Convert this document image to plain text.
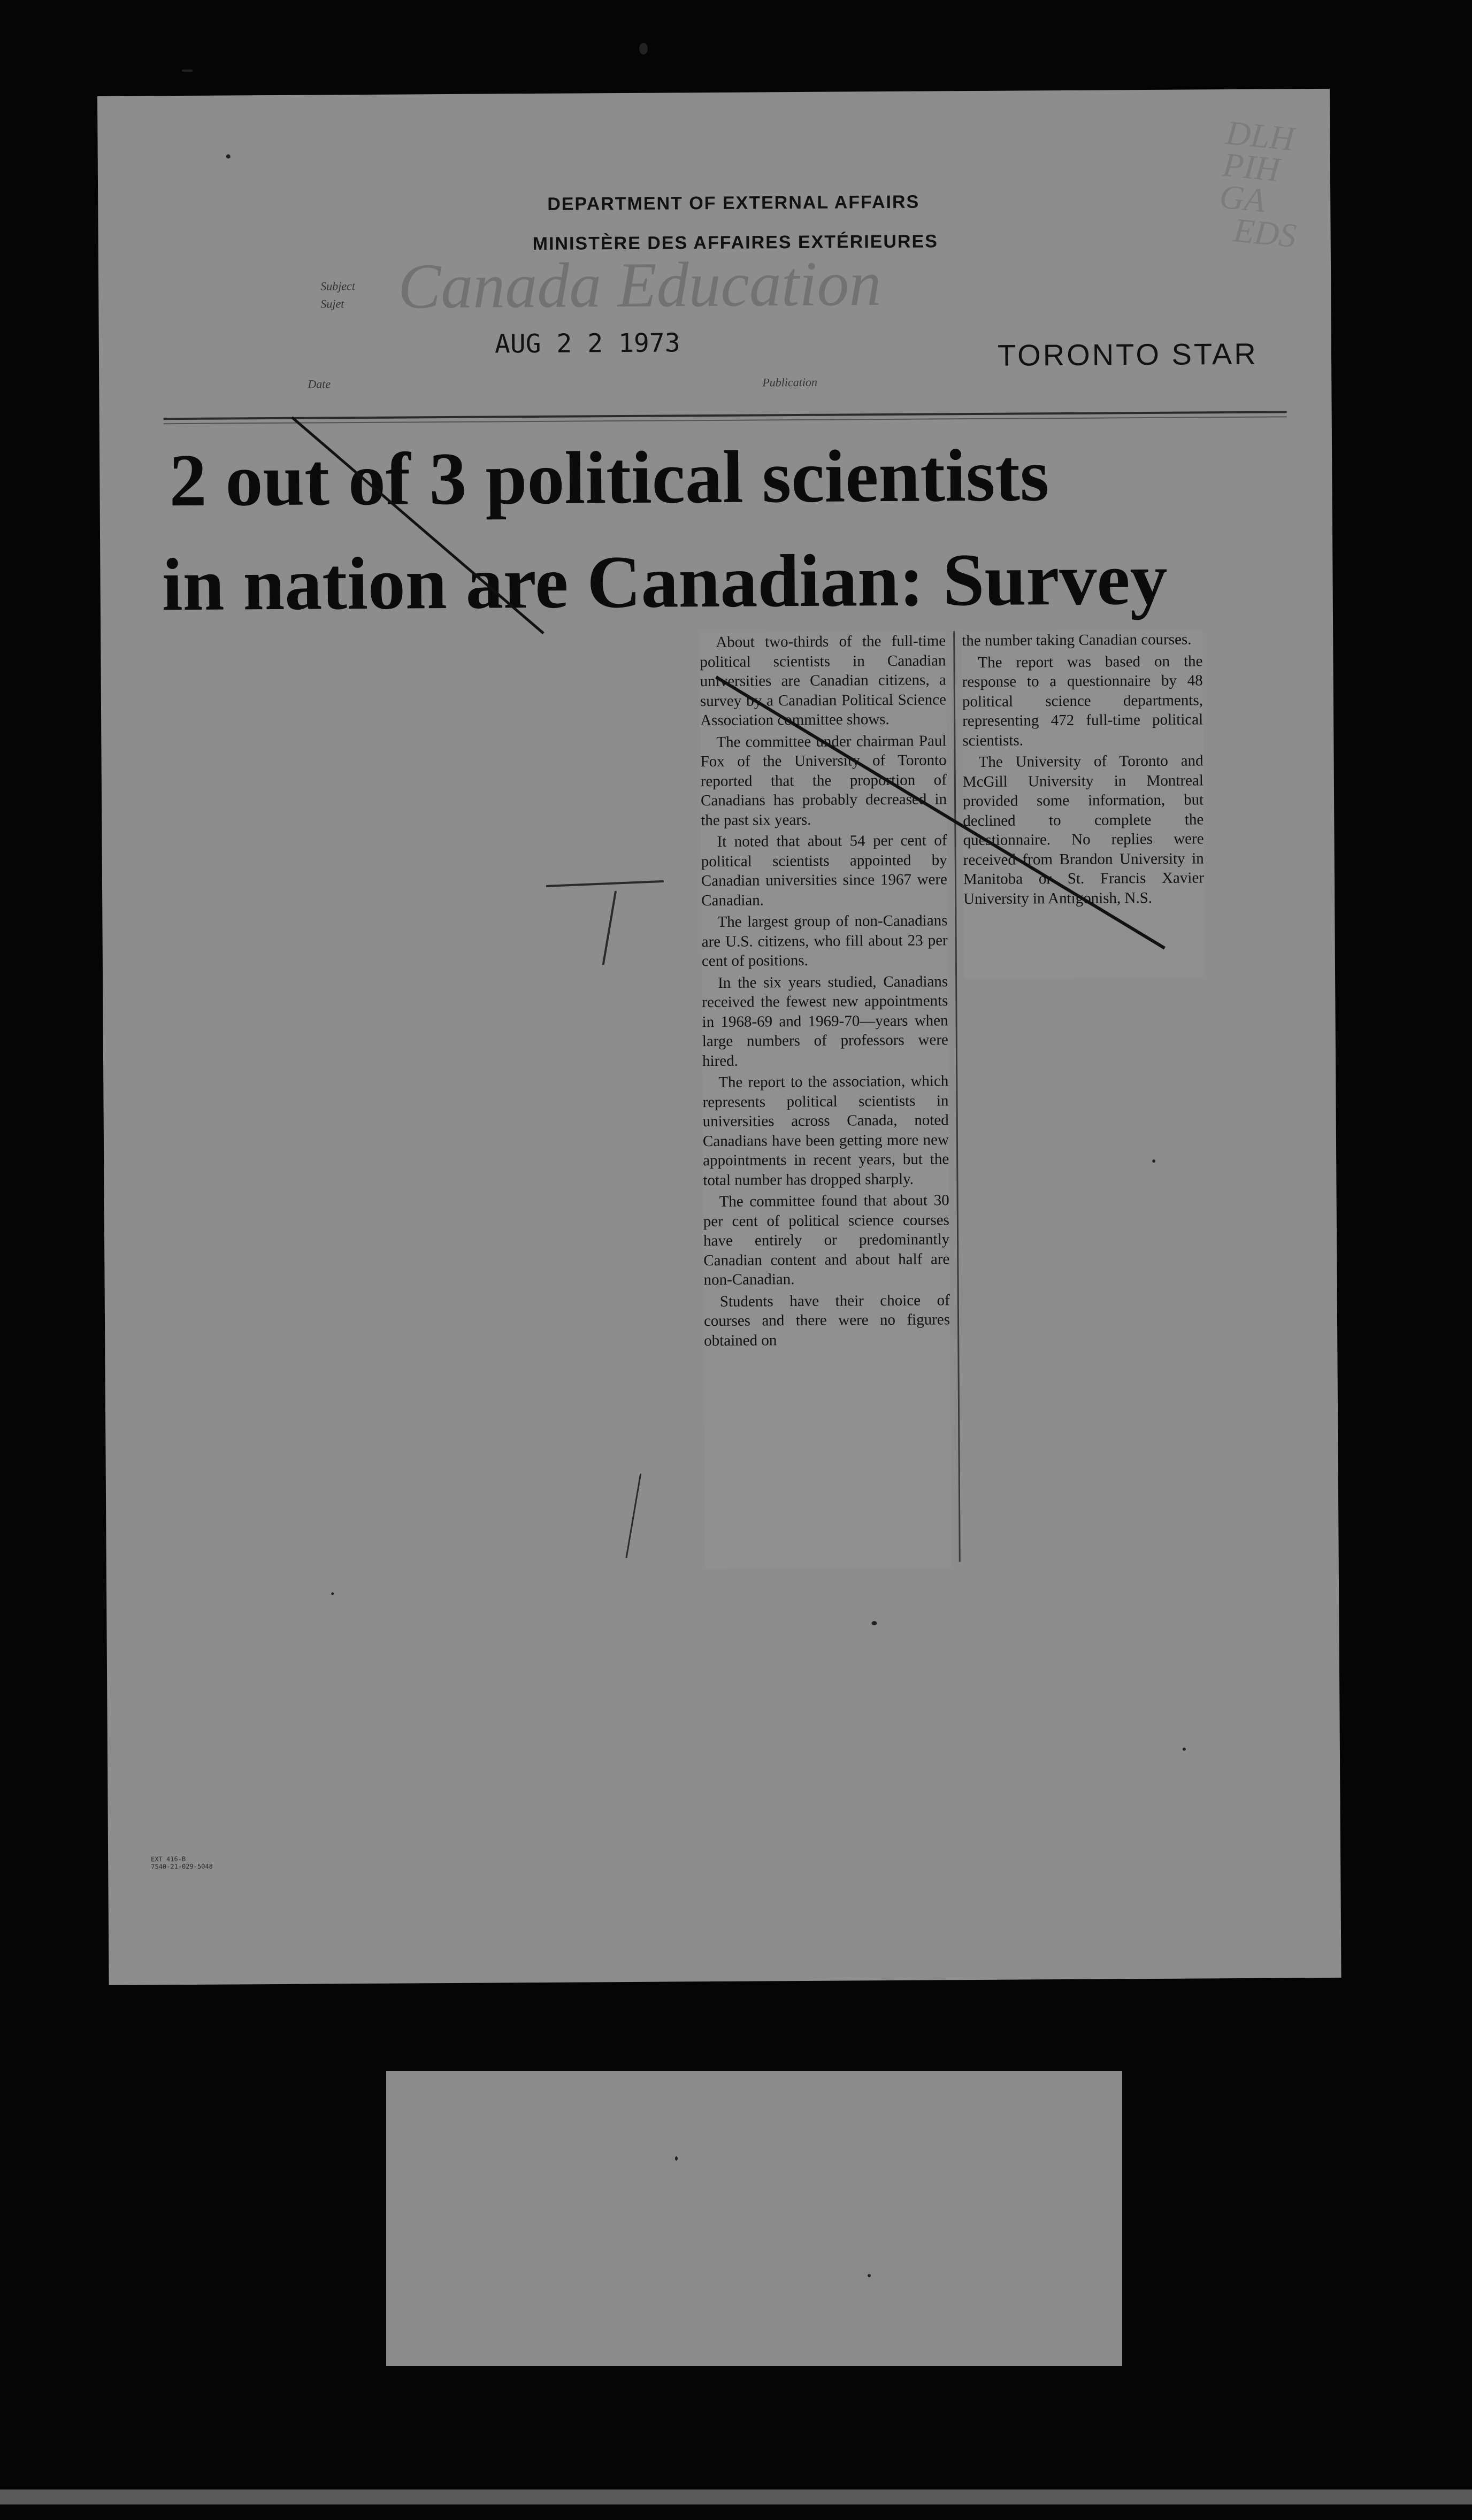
DEPARTMENT OF EXTERNAL AFFAIRS
MINISTÈRE DES AFFAIRES EXTÉRIEURES
Subject
Sujet Canada Education
AUG 2 2 1973	TORONTO STAR
Date	Publication
DLH
PIH
GA
EDS
2 out of 3 political scientists
in nation are Canadian: Survey

About two-thirds of the full-time political scientists in Canadian universities are Canadian citizens, a survey by a Canadian Political Science Association committee shows.

The committee under chairman Paul Fox of the University of Toronto reported that the proportion of Canadians has probably decreased in the past six years.

It noted that about 54 per cent of political scientists appointed by Canadian universities since 1967 were Canadian.

The largest group of non-Canadians are U.S. citizens, who fill about 23 per cent of positions.

In the six years studied, Canadians received the fewest new appointments in 1968-69 and 1969-70—years when large numbers of professors were hired.

The report to the association, which represents political scientists in universities across Canada, noted Canadians have been getting more new appointments in recent years, but the total number has dropped sharply.

The committee found that about 30 per cent of political science courses have entirely or predominantly Canadian content and about half are non-Canadian.

Students have their choice of courses and there were no figures obtained on

the number taking Canadian courses.

The report was based on the response to a questionnaire by 48 political science departments, representing 472 full-time political scientists.

The University of Toronto and McGill University in Montreal provided some information, but declined to complete the questionnaire. No replies were received from Brandon University in Manitoba or St. Francis Xavier University in Antigonish, N.S.

EXT 416-B
7540-21-029-5048
